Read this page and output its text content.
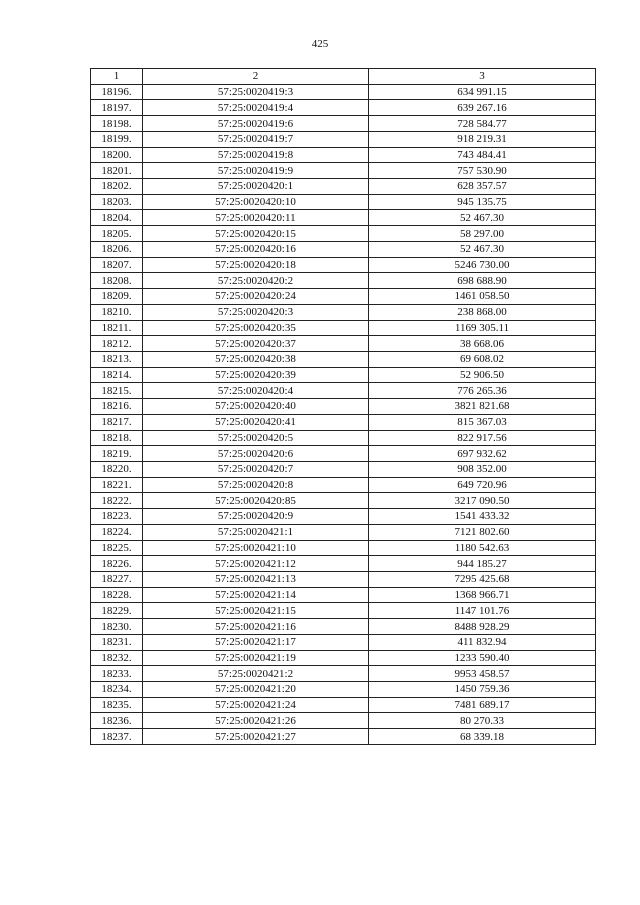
425
1	2	3
18196.	57:25:0020419:3	634 991.15
18197.	57:25:0020419:4	639 267.16
18198.	57:25:0020419:6	728 584.77
18199.	57:25:0020419:7	918 219.31
18200.	57:25:0020419:8	743 484.41
18201.	57:25:0020419:9	757 530.90
18202.	57:25:0020420:1	628 357.57
18203.	57:25:0020420:10	945 135.75
18204.	57:25:0020420:11	52 467.30
18205.	57:25:0020420:15	58 297.00
18206.	57:25:0020420:16	52 467.30
18207.	57:25:0020420:18	5246 730.00
18208.	57:25:0020420:2	698 688.90
18209.	57:25:0020420:24	1461 058.50
18210.	57:25:0020420:3	238 868.00
18211.	57:25:0020420:35	1169 305.11
18212.	57:25:0020420:37	38 668.06
18213.	57:25:0020420:38	69 608.02
18214.	57:25:0020420:39	52 906.50
18215.	57:25:0020420:4	776 265.36
18216.	57:25:0020420:40	3821 821.68
18217.	57:25:0020420:41	815 367.03
18218.	57:25:0020420:5	822 917.56
18219.	57:25:0020420:6	697 932.62
18220.	57:25:0020420:7	908 352.00
18221.	57:25:0020420:8	649 720.96
18222.	57:25:0020420:85	3217 090.50
18223.	57:25:0020420:9	1541 433.32
18224.	57:25:0020421:1	7121 802.60
18225.	57:25:0020421:10	1180 542.63
18226.	57:25:0020421:12	944 185.27
18227.	57:25:0020421:13	7295 425.68
18228.	57:25:0020421:14	1368 966.71
18229.	57:25:0020421:15	1147 101.76
18230.	57:25:0020421:16	8488 928.29
18231.	57:25:0020421:17	411 832.94
18232.	57:25:0020421:19	1233 590.40
18233.	57:25:0020421:2	9953 458.57
18234.	57:25:0020421:20	1450 759.36
18235.	57:25:0020421:24	7481 689.17
18236.	57:25:0020421:26	80 270.33
18237.	57:25:0020421:27	68 339.18
